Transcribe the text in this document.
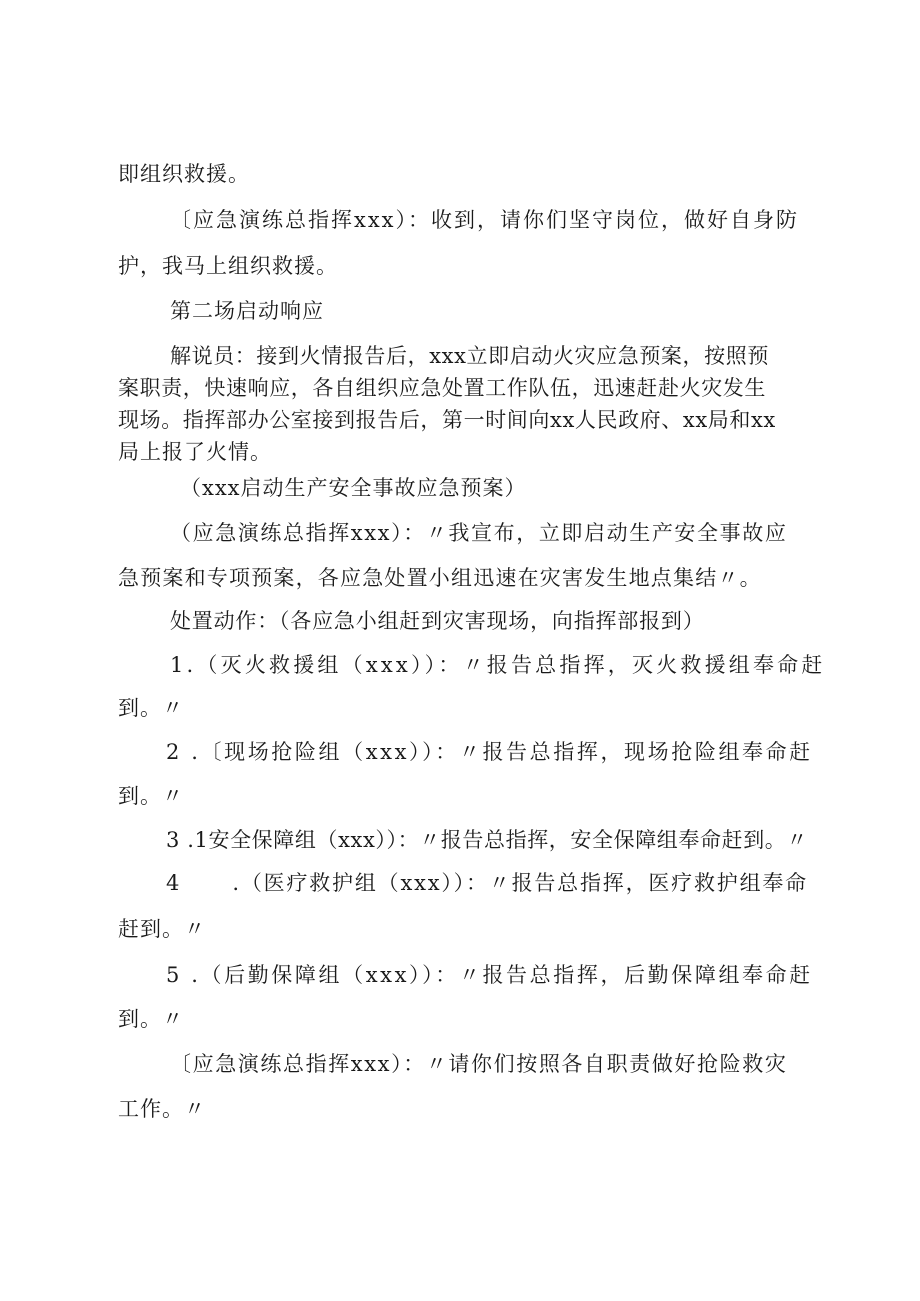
即组织救援。
〔应急演练总指挥xxx）：收到，请你们坚守岗位，做好自身防
护，我马上组织救援。
第二场启动响应
解说员：接到火情报告后，xxx立即启动火灾应急预案，按照预
案职责，快速响应，各自组织应急处置工作队伍，迅速赶赴火灾发生
现场。指挥部办公室接到报告后，第一时间向xx人民政府、xx局和xx
局上报了火情。
（xxx启动生产安全事故应急预案）
（应急演练总指挥xxx）：〃我宣布，立即启动生产安全事故应
急预案和专项预案，各应急处置小组迅速在灾害发生地点集结〃。
处置动作：（各应急小组赶到灾害现场，向指挥部报到）
1.（灭火救援组（xxx））：〃报告总指挥，灭火救援组奉命赶
到。〃
2 .〔现场抢险组（xxx））：〃报告总指挥，现场抢险组奉命赶
到。〃
3 .1安全保障组（xxx））：〃报告总指挥，安全保障组奉命赶到。〃
4 .（医疗救护组（xxx））：〃报告总指挥，医疗救护组奉命
赶到。〃
5 .（后勤保障组（xxx））：〃报告总指挥，后勤保障组奉命赶
到。〃
〔应急演练总指挥xxx）：〃请你们按照各自职责做好抢险救灾
工作。〃
